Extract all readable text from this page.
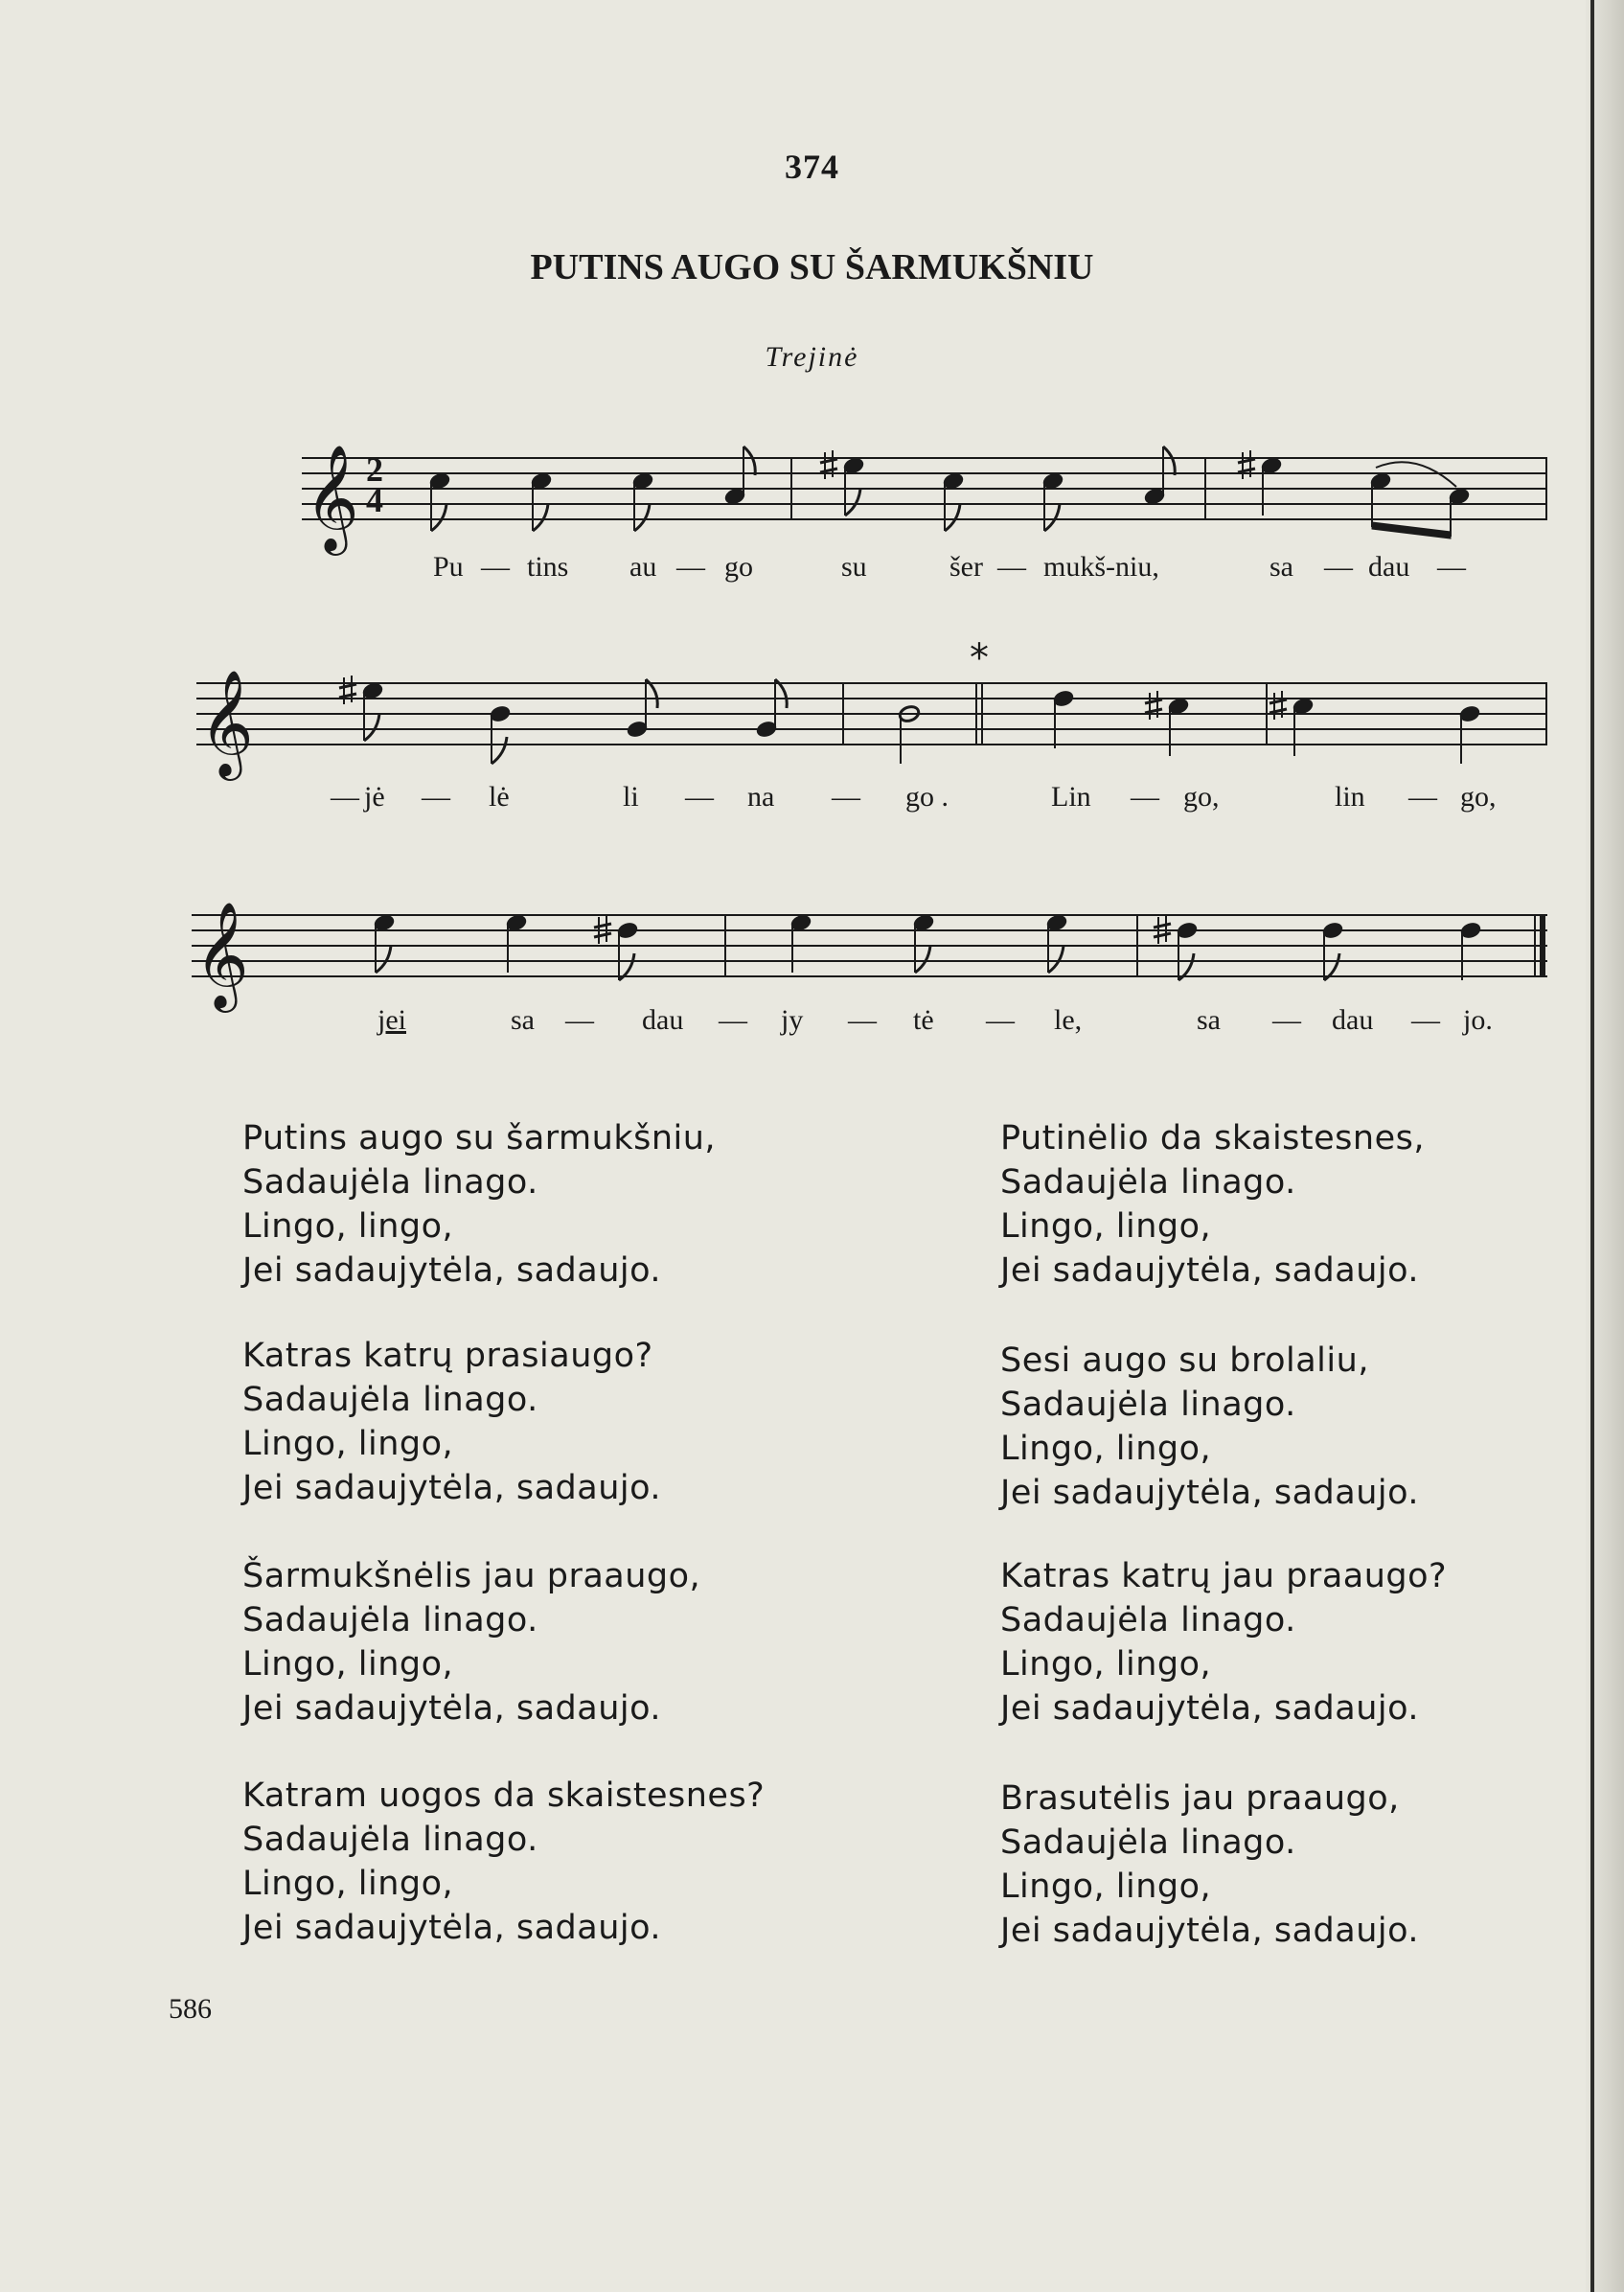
374
PUTINS AUGO SU ŠARMUKŠNIU
Trejinė
𝄞
𝄞
𝄞
2
4
*
Pu — tins au — go	su	šer — mukš-niu,	sa — dau —
— jė — lė	li — na — go .	Lin — go,	lin — go,
jei	sa — dau — jy — tė — le,	sa — dau — jo.
Putins augo su šarmukšniu,
Sadaujėla linago.
Lingo, lingo,
Jei sadaujytėla, sadaujo.
Katras katrų prasiaugo?
Sadaujėla linago.
Lingo, lingo,
Jei sadaujytėla, sadaujo.
Šarmukšnėlis jau praaugo,
Sadaujėla linago.
Lingo, lingo,
Jei sadaujytėla, sadaujo.
Katram uogos da skaistesnes?
Sadaujėla linago.
Lingo, lingo,
Jei sadaujytėla, sadaujo.
Putinėlio da skaistesnes,
Sadaujėla linago.
Lingo, lingo,
Jei sadaujytėla, sadaujo.
Sesi augo su brolaliu,
Sadaujėla linago.
Lingo, lingo,
Jei sadaujytėla, sadaujo.
Katras katrų jau praaugo?
Sadaujėla linago.
Lingo, lingo,
Jei sadaujytėla, sadaujo.
Brasutėlis jau praaugo,
Sadaujėla linago.
Lingo, lingo,
Jei sadaujytėla, sadaujo.
586
